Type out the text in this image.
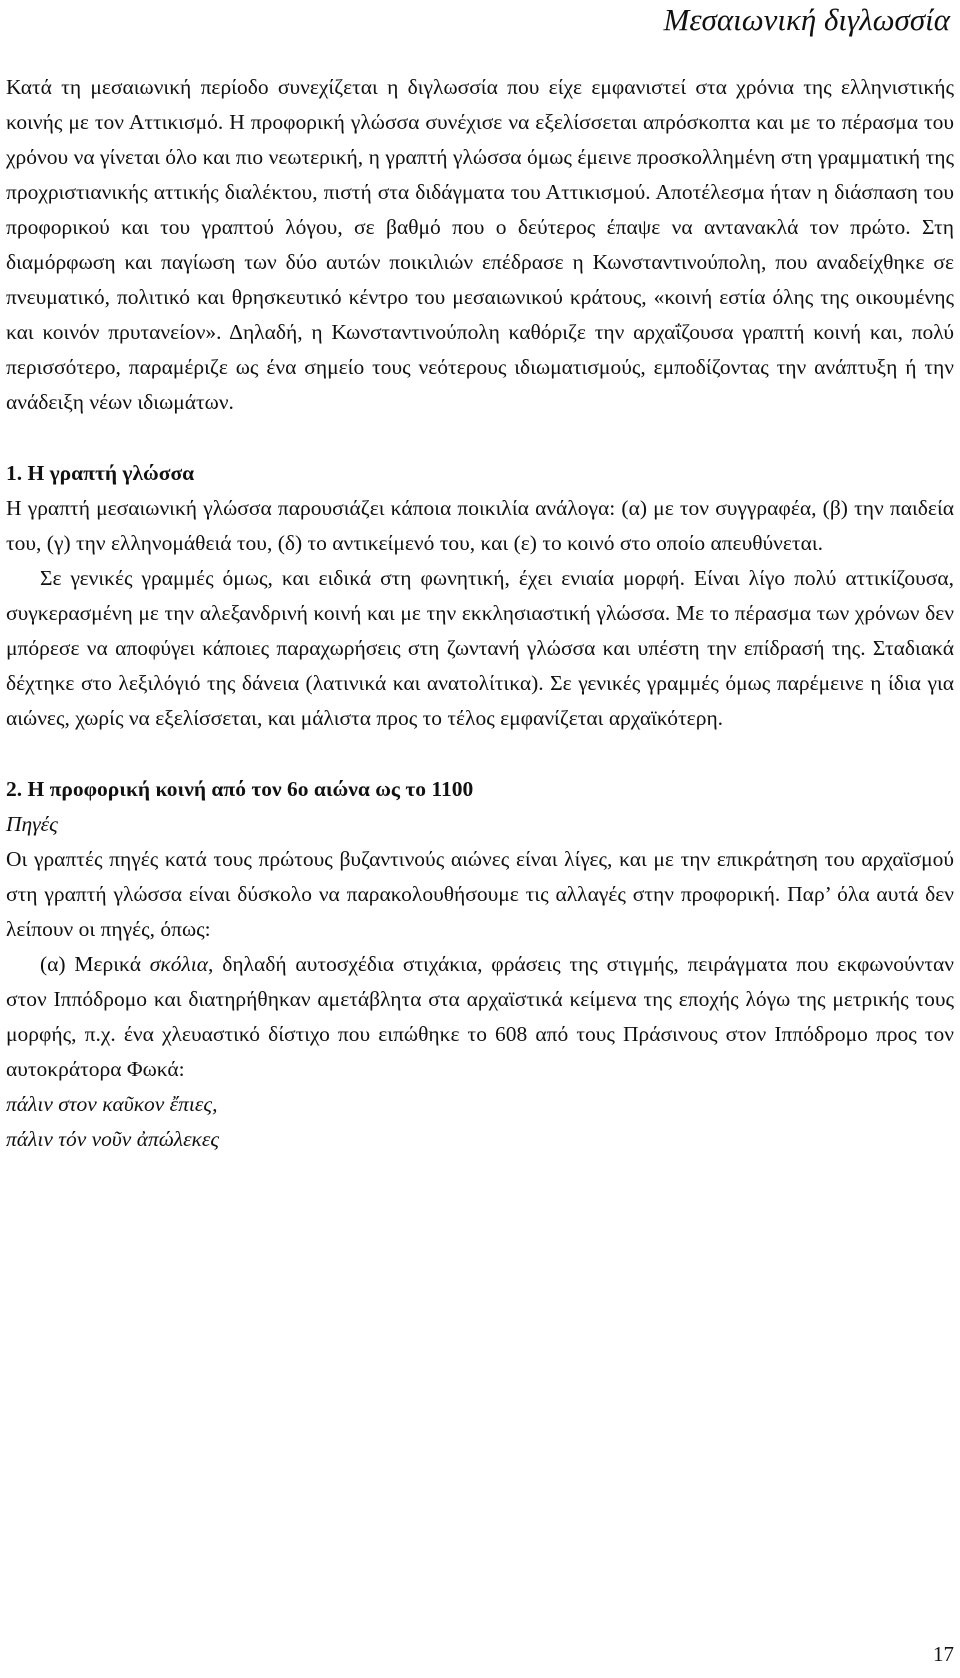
Μεσαιωνική διγλωσσία

Κατά τη μεσαιωνική περίοδο συνεχίζεται η διγλωσσία που είχε εμφανιστεί στα χρόνια της ελληνιστικής κοινής με τον Αττικισμό. Η προφορική γλώσσα συνέχισε να εξελίσσεται απρόσκοπτα και με το πέρασμα του χρόνου να γίνεται όλο και πιο νεωτερική, η γραπτή γλώσσα όμως έμεινε προσκολλημένη στη γραμματική της προχριστιανικής αττικής διαλέκτου, πιστή στα διδάγματα του Αττικισμού. Αποτέλεσμα ήταν η διάσπαση του προφορικού και του γραπτού λόγου, σε βαθμό που ο δεύτερος έπαψε να αντανακλά τον πρώτο. Στη διαμόρφωση και παγίωση των δύο αυτών ποικιλιών επέδρασε η Κωνσταντινούπολη, που αναδείχθηκε σε πνευματικό, πολιτικό και θρησκευτικό κέντρο του μεσαιωνικού κράτους, «κοινή εστία όλης της οικουμένης και κοινόν πρυτανείον». Δηλαδή, η Κωνσταντινούπολη καθόριζε την αρχαΐζουσα γραπτή κοινή και, πολύ περισσότερο, παραμέριζε ως ένα σημείο τους νεότερους ιδιωματισμούς, εμποδίζοντας την ανάπτυξη ή την ανάδειξη νέων ιδιωμάτων.

1. Η γραπτή γλώσσα

Η γραπτή μεσαιωνική γλώσσα παρουσιάζει κάποια ποικιλία ανάλογα: (α) με τον συγγραφέα, (β) την παιδεία του, (γ) την ελληνομάθειά του, (δ) το αντικείμενό του, και (ε) το κοινό στο οποίο απευθύνεται.

Σε γενικές γραμμές όμως, και ειδικά στη φωνητική, έχει ενιαία μορφή. Είναι λίγο πολύ αττικίζουσα, συγκερασμένη με την αλεξανδρινή κοινή και με την εκκλησιαστική γλώσσα. Με το πέρασμα των χρόνων δεν μπόρεσε να αποφύγει κάποιες παραχωρήσεις στη ζωντανή γλώσσα και υπέστη την επίδρασή της. Σταδιακά δέχτηκε στο λεξιλόγιό της δάνεια (λατινικά και ανατολίτικα). Σε γενικές γραμμές όμως παρέμεινε η ίδια για αιώνες, χωρίς να εξελίσσεται, και μάλιστα προς το τέλος εμφανίζεται αρχαϊκότερη.

2. Η προφορική κοινή από τον 6ο αιώνα ως το 1100

Πηγές

Οι γραπτές πηγές κατά τους πρώτους βυζαντινούς αιώνες είναι λίγες, και με την επικράτηση του αρχαϊσμού στη γραπτή γλώσσα είναι δύσκολο να παρακολουθήσουμε τις αλλαγές στην προφορική. Παρ’ όλα αυτά δεν λείπουν οι πηγές, όπως:

(α) Μερικά σκόλια, δηλαδή αυτοσχέδια στιχάκια, φράσεις της στιγμής, πειράγματα που εκφωνούνταν στον Ιππόδρομο και διατηρήθηκαν αμετάβλητα στα αρχαϊστικά κείμενα της εποχής λόγω της μετρικής τους μορφής, π.χ. ένα χλευαστικό δίστιχο που ειπώθηκε το 608 από τους Πράσινους στον Ιππόδρομο προς τον αυτοκράτορα Φωκά:

πάλιν στον καῦκον ἔπιες,

πάλιν τόν νοῦν ἀπώλεκες

17
